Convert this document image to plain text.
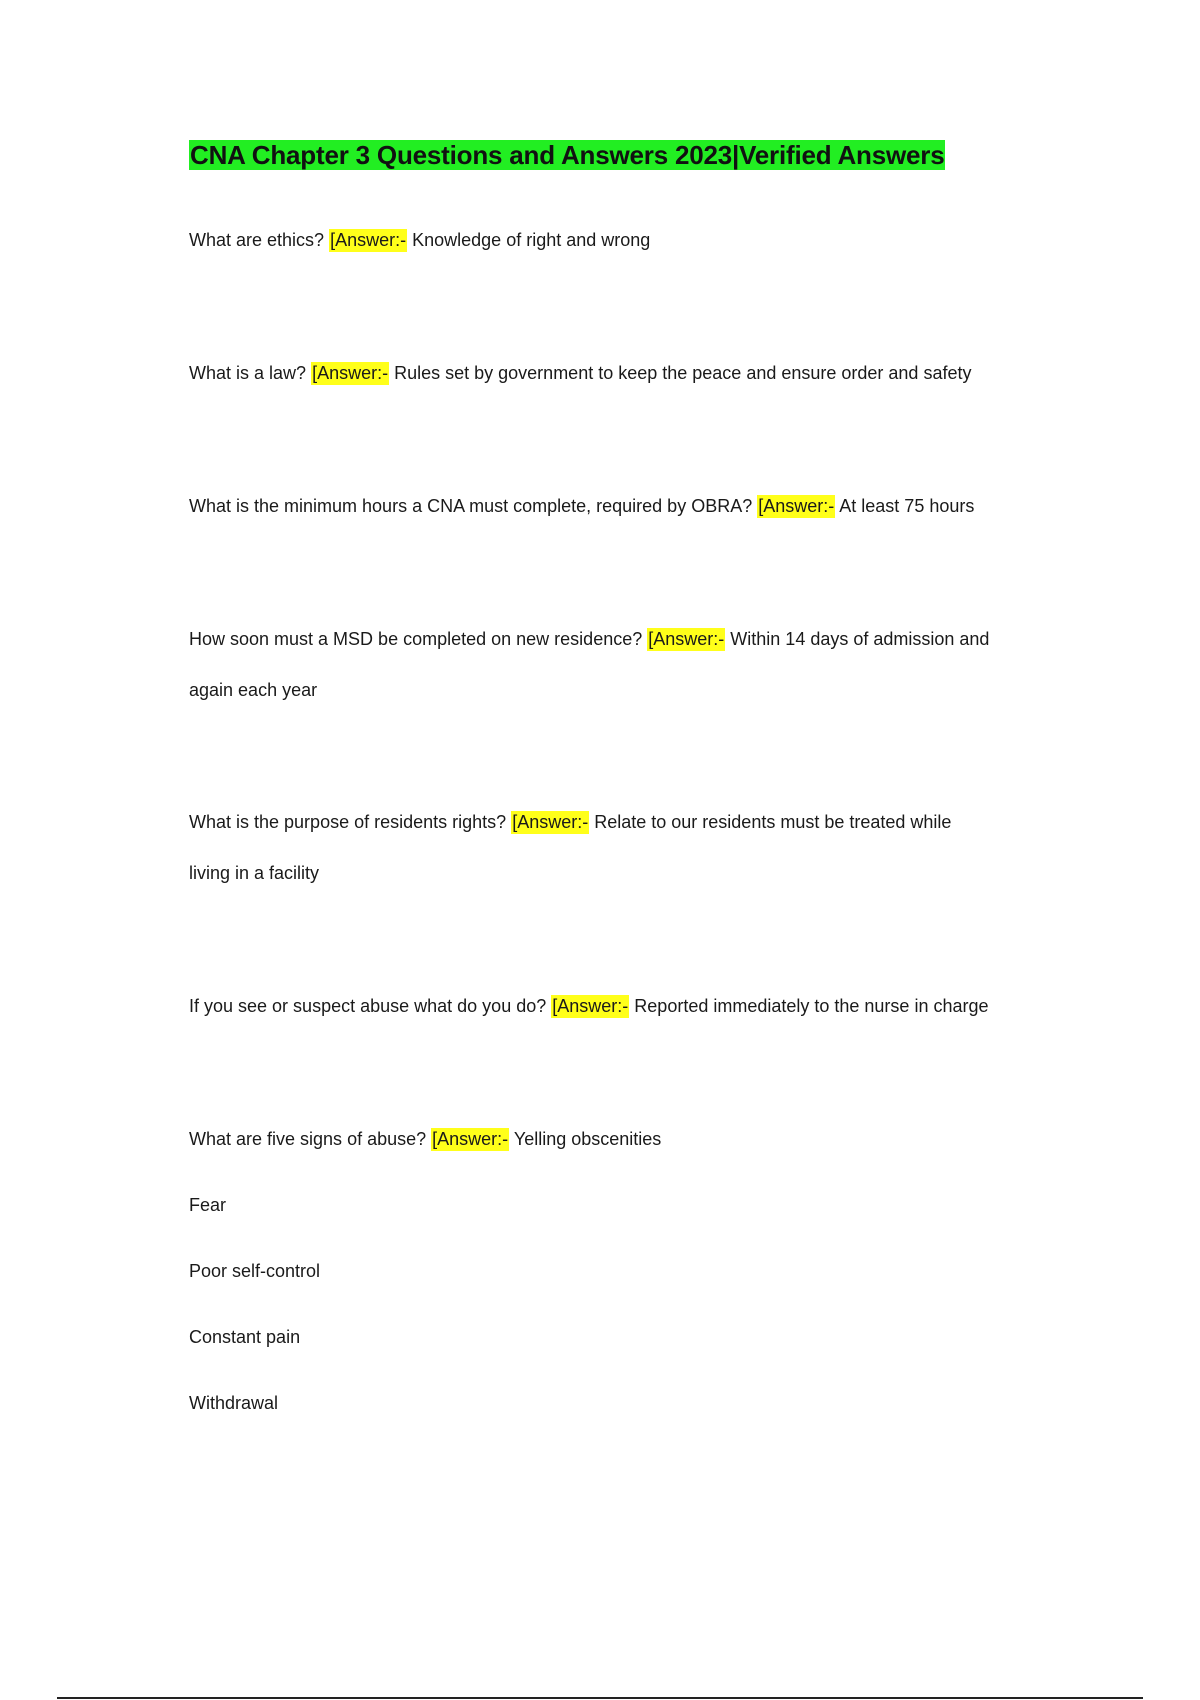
CNA Chapter 3 Questions and Answers 2023|Verified Answers

What are ethics? [Answer:- Knowledge of right and wrong

What is a law? [Answer:- Rules set by government to keep the peace and ensure order and safety

What is the minimum hours a CNA must complete, required by OBRA? [Answer:- At least 75 hours

How soon must a MSD be completed on new residence? [Answer:- Within 14 days of admission and

again each year

What is the purpose of residents rights? [Answer:- Relate to our residents must be treated while

living in a facility

If you see or suspect abuse what do you do? [Answer:- Reported immediately to the nurse in charge

What are five signs of abuse? [Answer:- Yelling obscenities

Fear

Poor self-control

Constant pain

Withdrawal
